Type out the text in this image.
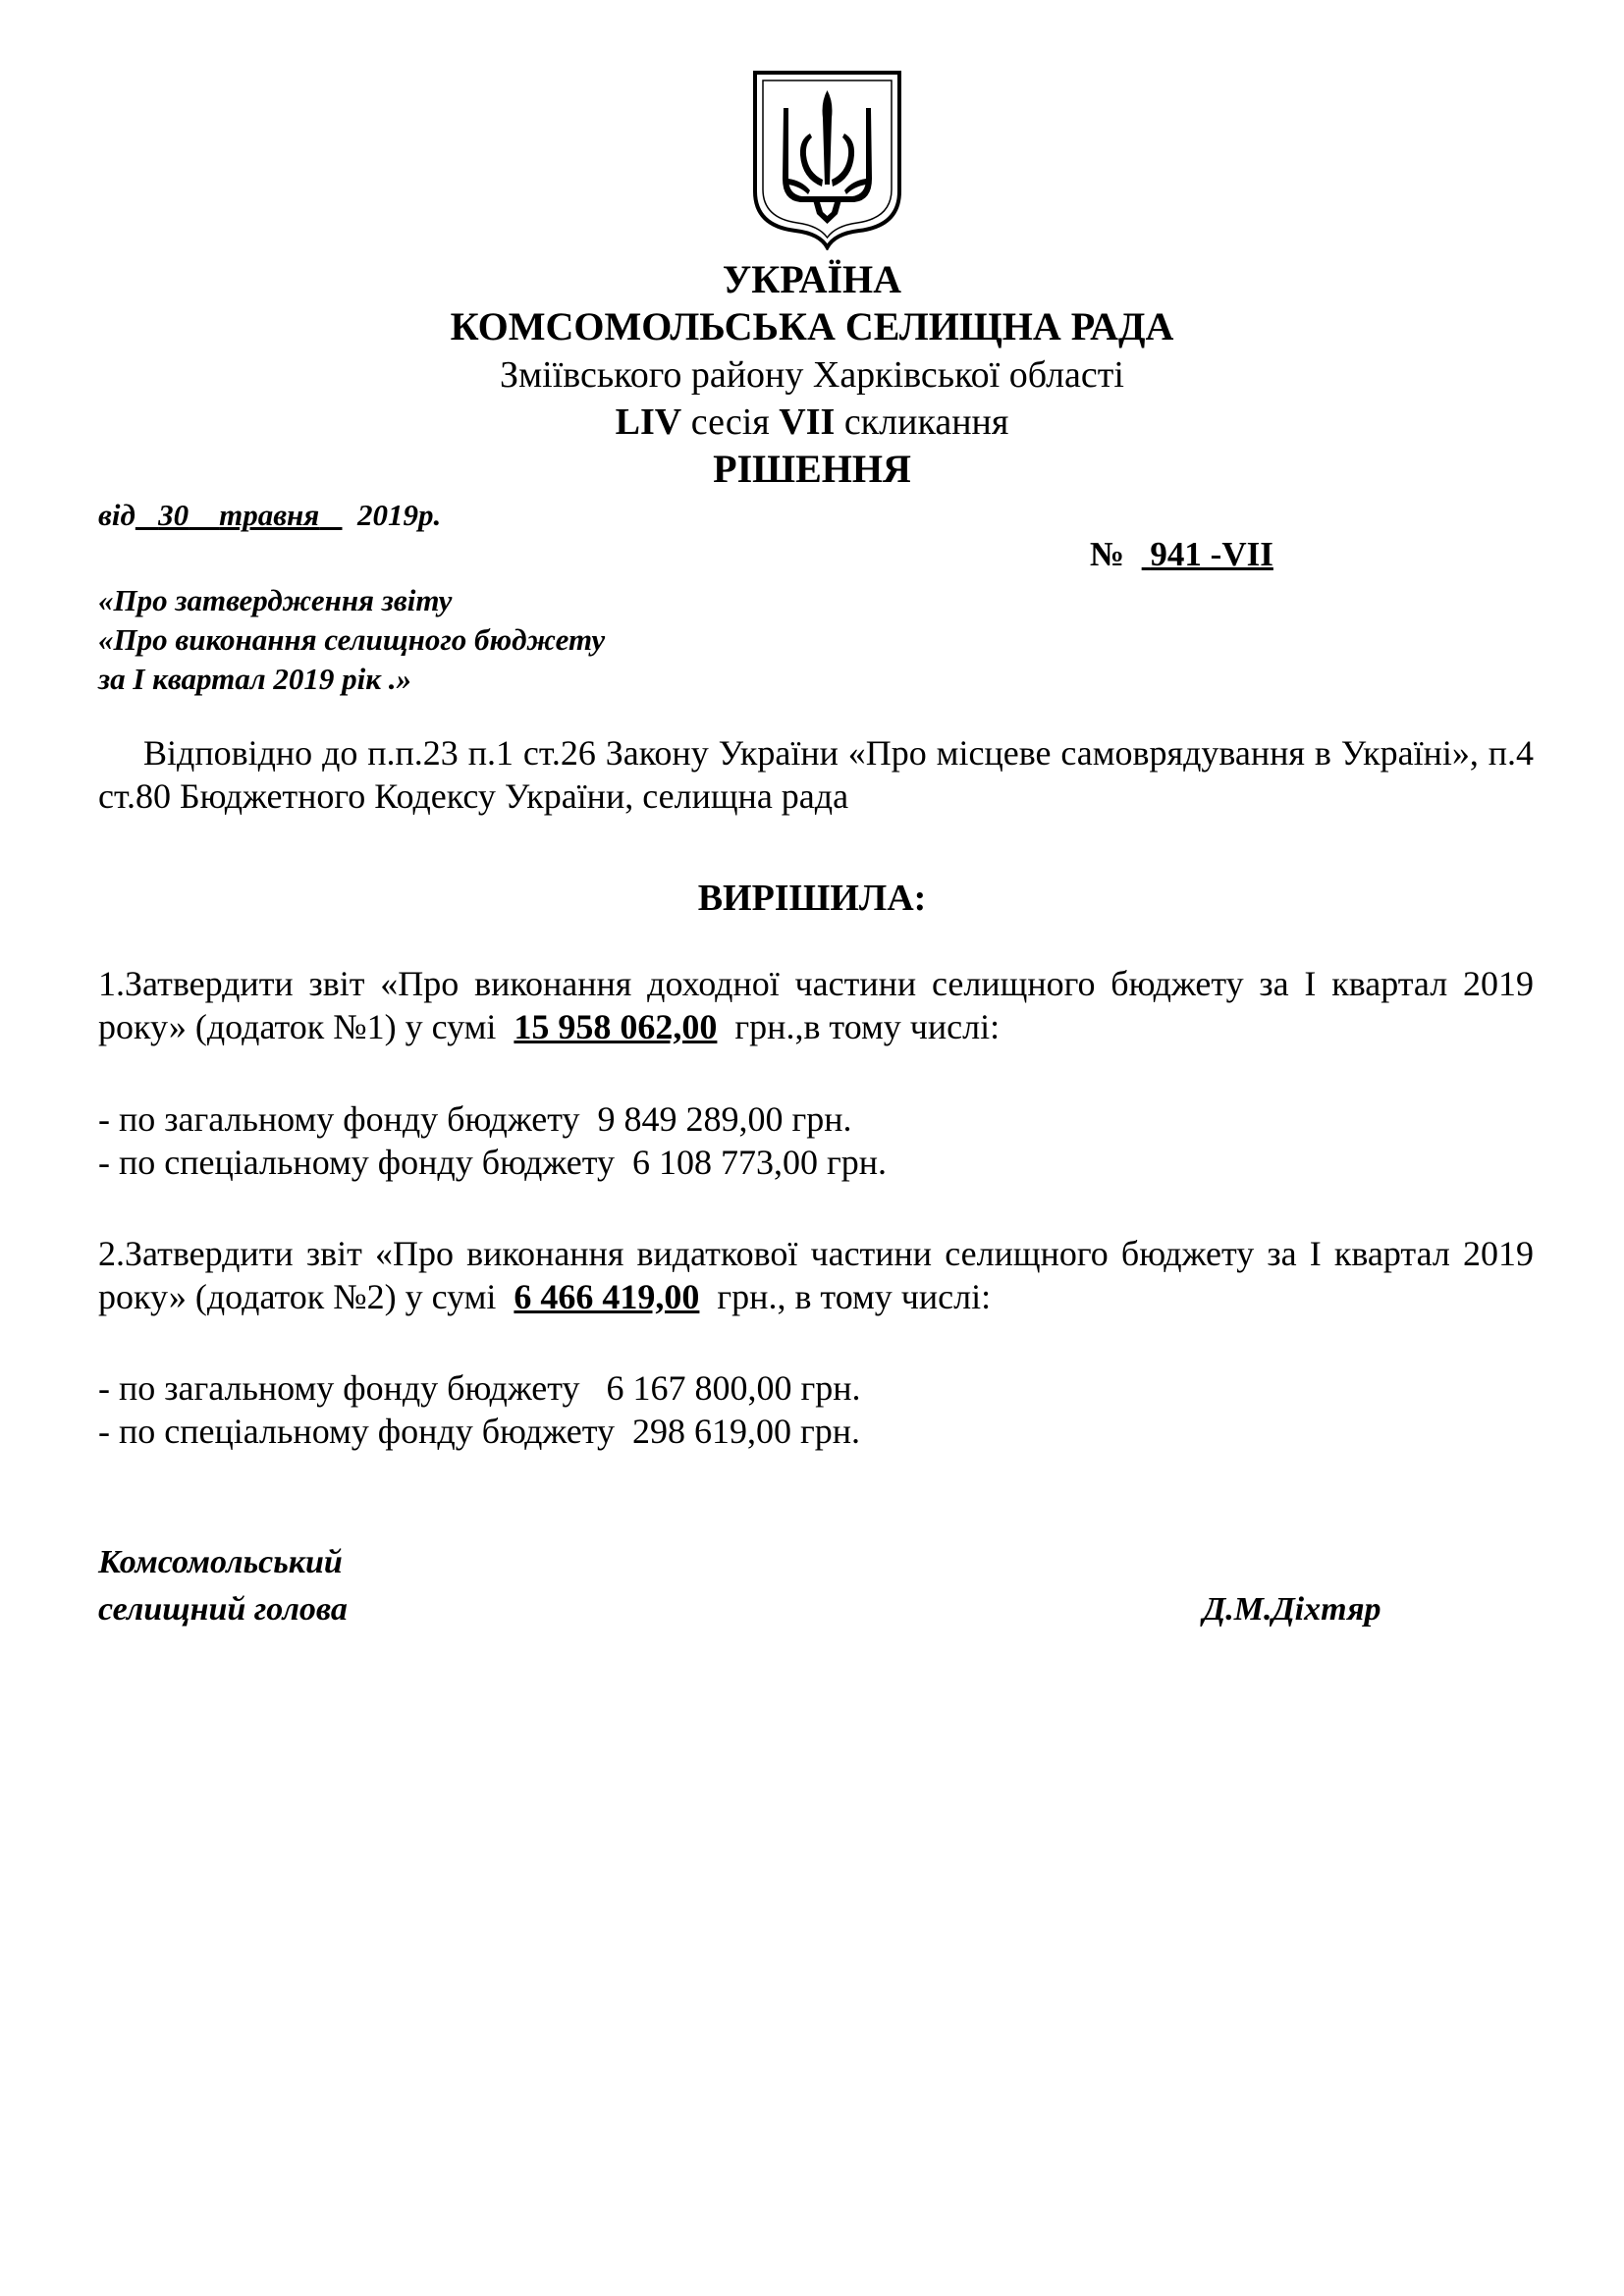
УКРАЇНА
КОМСОМОЛЬСЬКА СЕЛИЩНА РАДА
Зміївського району Харківської області
LIV сесія VII скликання
РІШЕННЯ
від 30 травня 2019р.
№ 941 -VII
«Про затвердження звіту
«Про виконання селищного бюджету
за І квартал 2019 рік .»
Відповідно до п.п.23 п.1 ст.26 Закону України «Про місцеве самоврядування в Україні», п.4 ст.80 Бюджетного Кодексу України, селищна рада
ВИРІШИЛА:
1.Затвердити звіт «Про виконання доходної частини селищного бюджету за І квартал 2019 року» (додаток №1) у сумі 15 958 062,00 грн.,в тому числі:
- по загальному фонду бюджету  9 849 289,00 грн.
- по спеціальному фонду бюджету  6 108 773,00 грн.
2.Затвердити звіт «Про виконання видаткової частини селищного бюджету за І квартал 2019 року» (додаток №2) у сумі 6 466 419,00 грн., в тому числі:
- по загальному фонду бюджету   6 167 800,00 грн.
- по спеціальному фонду бюджету  298 619,00 грн.
Комсомольський
селищний голова	Д.М.Діхтяр
